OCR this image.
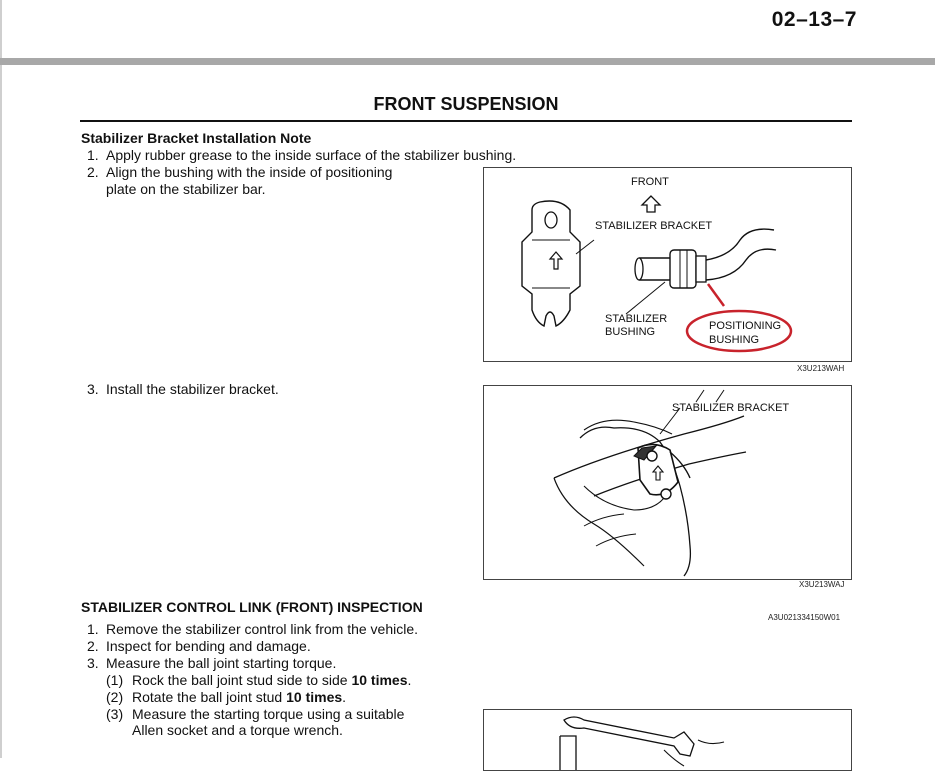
02–13–7
FRONT SUSPENSION
Stabilizer Bracket Installation Note
1. Apply rubber grease to the inside surface of the stabilizer bushing.
2. Align the bushing with the inside of positioning
plate on the stabilizer bar.	FRONT
STABILIZER BRACKET
STABILIZER
BUSHING	POSITIONING
BUSHING
X3U213WAH
3. Install the stabilizer bracket.
STABILIZER BRACKET
X3U213WAJ
STABILIZER CONTROL LINK (FRONT) INSPECTION
A3U021334150W01
1. Remove the stabilizer control link from the vehicle.
2. Inspect for bending and damage.
3. Measure the ball joint starting torque.
(1) Rock the ball joint stud side to side 10 times.
(2) Rotate the ball joint stud 10 times.
(3) Measure the starting torque using a suitable
Allen socket and a torque wrench.
